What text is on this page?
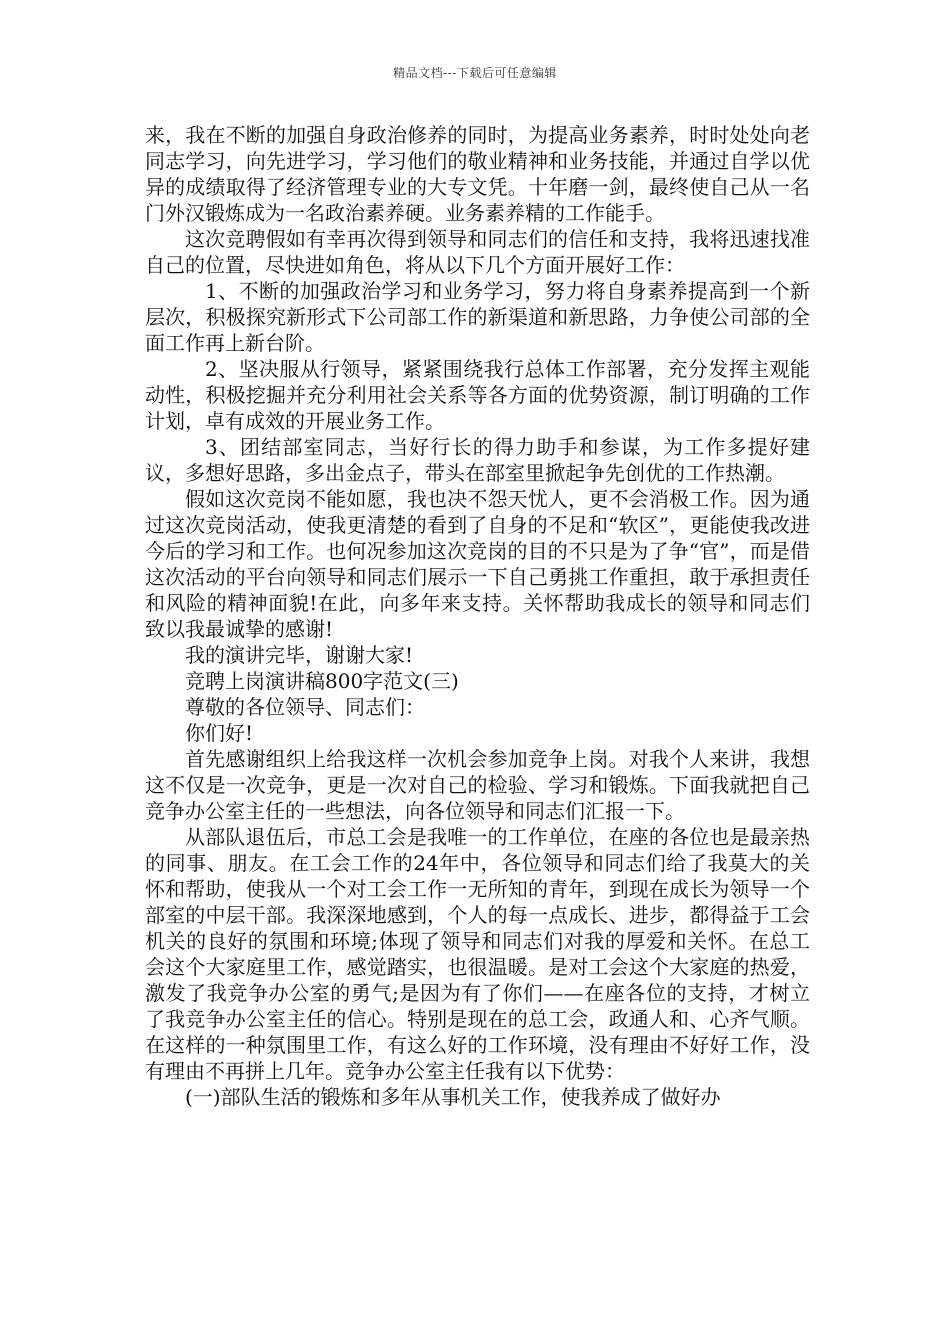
精品文档---下载后可任意编辑

来，我在不断的加强自身政治修养的同时，为提高业务素养，时时处处向老同志学习，向先进学习，学习他们的敬业精神和业务技能，并通过自学以优异的成绩取得了经济管理专业的大专文凭。十年磨一剑，最终使自己从一名门外汉锻炼成为一名政治素养硬。业务素养精的工作能手。

这次竞聘假如有幸再次得到领导和同志们的信任和支持，我将迅速找准自己的位置，尽快进如角色，将从以下几个方面开展好工作：

1、不断的加强政治学习和业务学习，努力将自身素养提高到一个新层次，积极探究新形式下公司部工作的新渠道和新思路，力争使公司部的全面工作再上新台阶。

2、坚决服从行领导，紧紧围绕我行总体工作部署，充分发挥主观能动性，积极挖掘并充分利用社会关系等各方面的优势资源，制订明确的工作计划，卓有成效的开展业务工作。

3、团结部室同志，当好行长的得力助手和参谋，为工作多提好建议，多想好思路，多出金点子，带头在部室里掀起争先创优的工作热潮。

假如这次竞岗不能如愿，我也决不怨天忧人，更不会消极工作。因为通过这次竞岗活动，使我更清楚的看到了自身的不足和“软区”，更能使我改进今后的学习和工作。也何况参加这次竞岗的目的不只是为了争“官”，而是借这次活动的平台向领导和同志们展示一下自己勇挑工作重担，敢于承担责任和风险的精神面貌!在此，向多年来支持。关怀帮助我成长的领导和同志们致以我最诚挚的感谢!

我的演讲完毕，谢谢大家!

竞聘上岗演讲稿800字范文(三)

尊敬的各位领导、同志们：

你们好!

首先感谢组织上给我这样一次机会参加竞争上岗。对我个人来讲，我想这不仅是一次竞争，更是一次对自己的检验、学习和锻炼。下面我就把自己竞争办公室主任的一些想法，向各位领导和同志们汇报一下。

从部队退伍后，市总工会是我唯一的工作单位，在座的各位也是最亲热的同事、朋友。在工会工作的24年中，各位领导和同志们给了我莫大的关怀和帮助，使我从一个对工会工作一无所知的青年，到现在成长为领导一个部室的中层干部。我深深地感到，个人的每一点成长、进步，都得益于工会机关的良好的氛围和环境;体现了领导和同志们对我的厚爱和关怀。在总工会这个大家庭里工作，感觉踏实，也很温暖。是对工会这个大家庭的热爱，激发了我竞争办公室的勇气;是因为有了你们——在座各位的支持，才树立了我竞争办公室主任的信心。特别是现在的总工会，政通人和、心齐气顺。在这样的一种氛围里工作，有这么好的工作环境，没有理由不好好工作，没有理由不再拼上几年。竞争办公室主任我有以下优势：

(一)部队生活的锻炼和多年从事机关工作，使我养成了做好办
